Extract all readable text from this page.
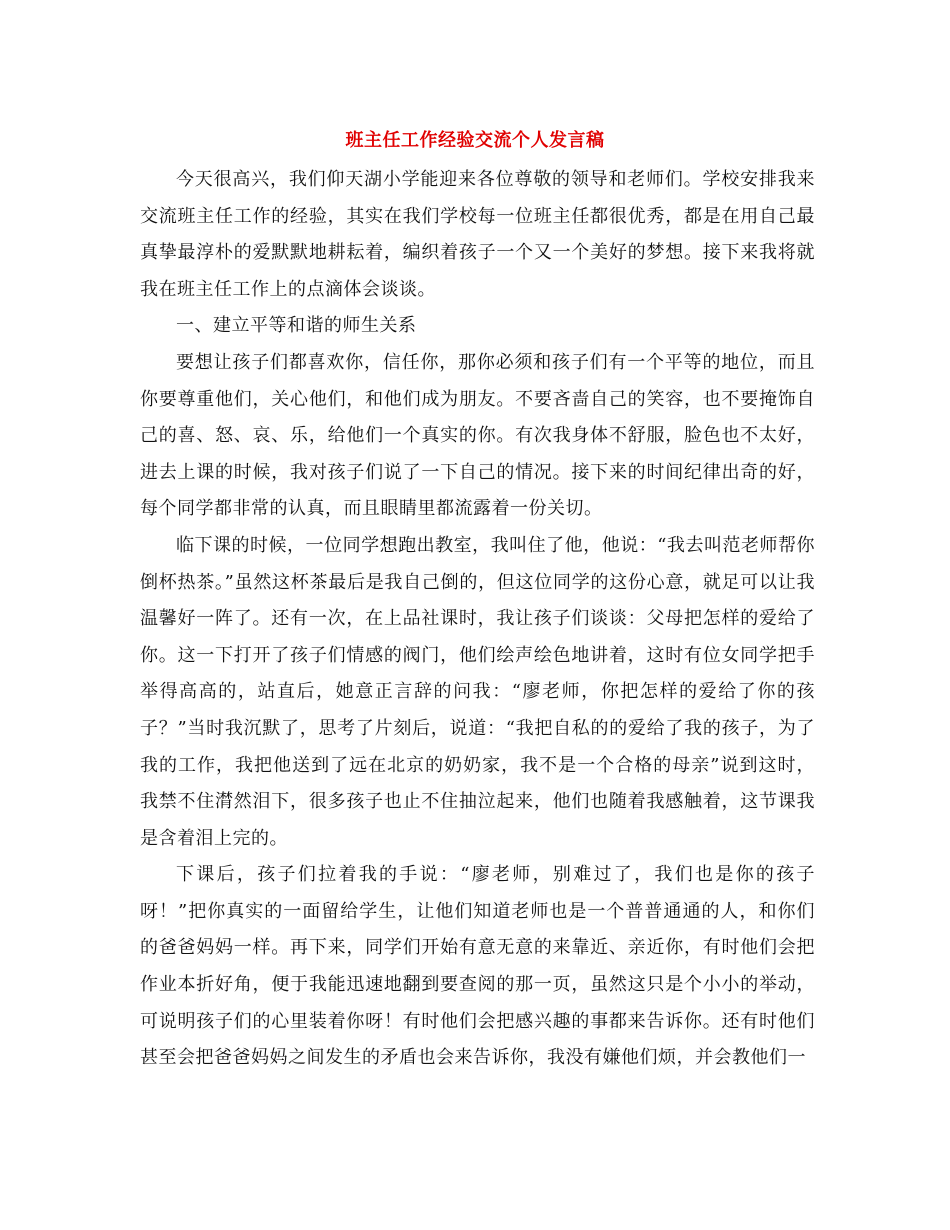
班主任工作经验交流个人发言稿

今天很高兴，我们仰天湖小学能迎来各位尊敬的领导和老师们。学校安排我来交流班主任工作的经验，其实在我们学校每一位班主任都很优秀，都是在用自己最真挚最淳朴的爱默默地耕耘着，编织着孩子一个又一个美好的梦想。接下来我将就我在班主任工作上的点滴体会谈谈。

一、建立平等和谐的师生关系

要想让孩子们都喜欢你，信任你，那你必须和孩子们有一个平等的地位，而且你要尊重他们，关心他们，和他们成为朋友。不要吝啬自己的笑容，也不要掩饰自己的喜、怒、哀、乐，给他们一个真实的你。有次我身体不舒服，脸色也不太好，进去上课的时候，我对孩子们说了一下自己的情况。接下来的时间纪律出奇的好，每个同学都非常的认真，而且眼睛里都流露着一份关切。

临下课的时候，一位同学想跑出教室，我叫住了他，他说：“我去叫范老师帮你倒杯热茶。”虽然这杯茶最后是我自己倒的，但这位同学的这份心意，就足可以让我温馨好一阵了。还有一次，在上品社课时，我让孩子们谈谈：父母把怎样的爱给了你。这一下打开了孩子们情感的阀门，他们绘声绘色地讲着，这时有位女同学把手举得高高的，站直后，她意正言辞的问我：“廖老师，你把怎样的爱给了你的孩子？”当时我沉默了，思考了片刻后，说道：“我把自私的的爱给了我的孩子，为了我的工作，我把他送到了远在北京的奶奶家，我不是一个合格的母亲”说到这时，我禁不住潸然泪下，很多孩子也止不住抽泣起来，他们也随着我感触着，这节课我是含着泪上完的。

下课后，孩子们拉着我的手说：“廖老师，别难过了，我们也是你的孩子呀！”把你真实的一面留给学生，让他们知道老师也是一个普普通通的人，和你们的爸爸妈妈一样。再下来，同学们开始有意无意的来靠近、亲近你，有时他们会把作业本折好角，便于我能迅速地翻到要查阅的那一页，虽然这只是个小小的举动，可说明孩子们的心里装着你呀！有时他们会把感兴趣的事都来告诉你。还有时他们甚至会把爸爸妈妈之间发生的矛盾也会来告诉你，我没有嫌他们烦，并会教他们一
